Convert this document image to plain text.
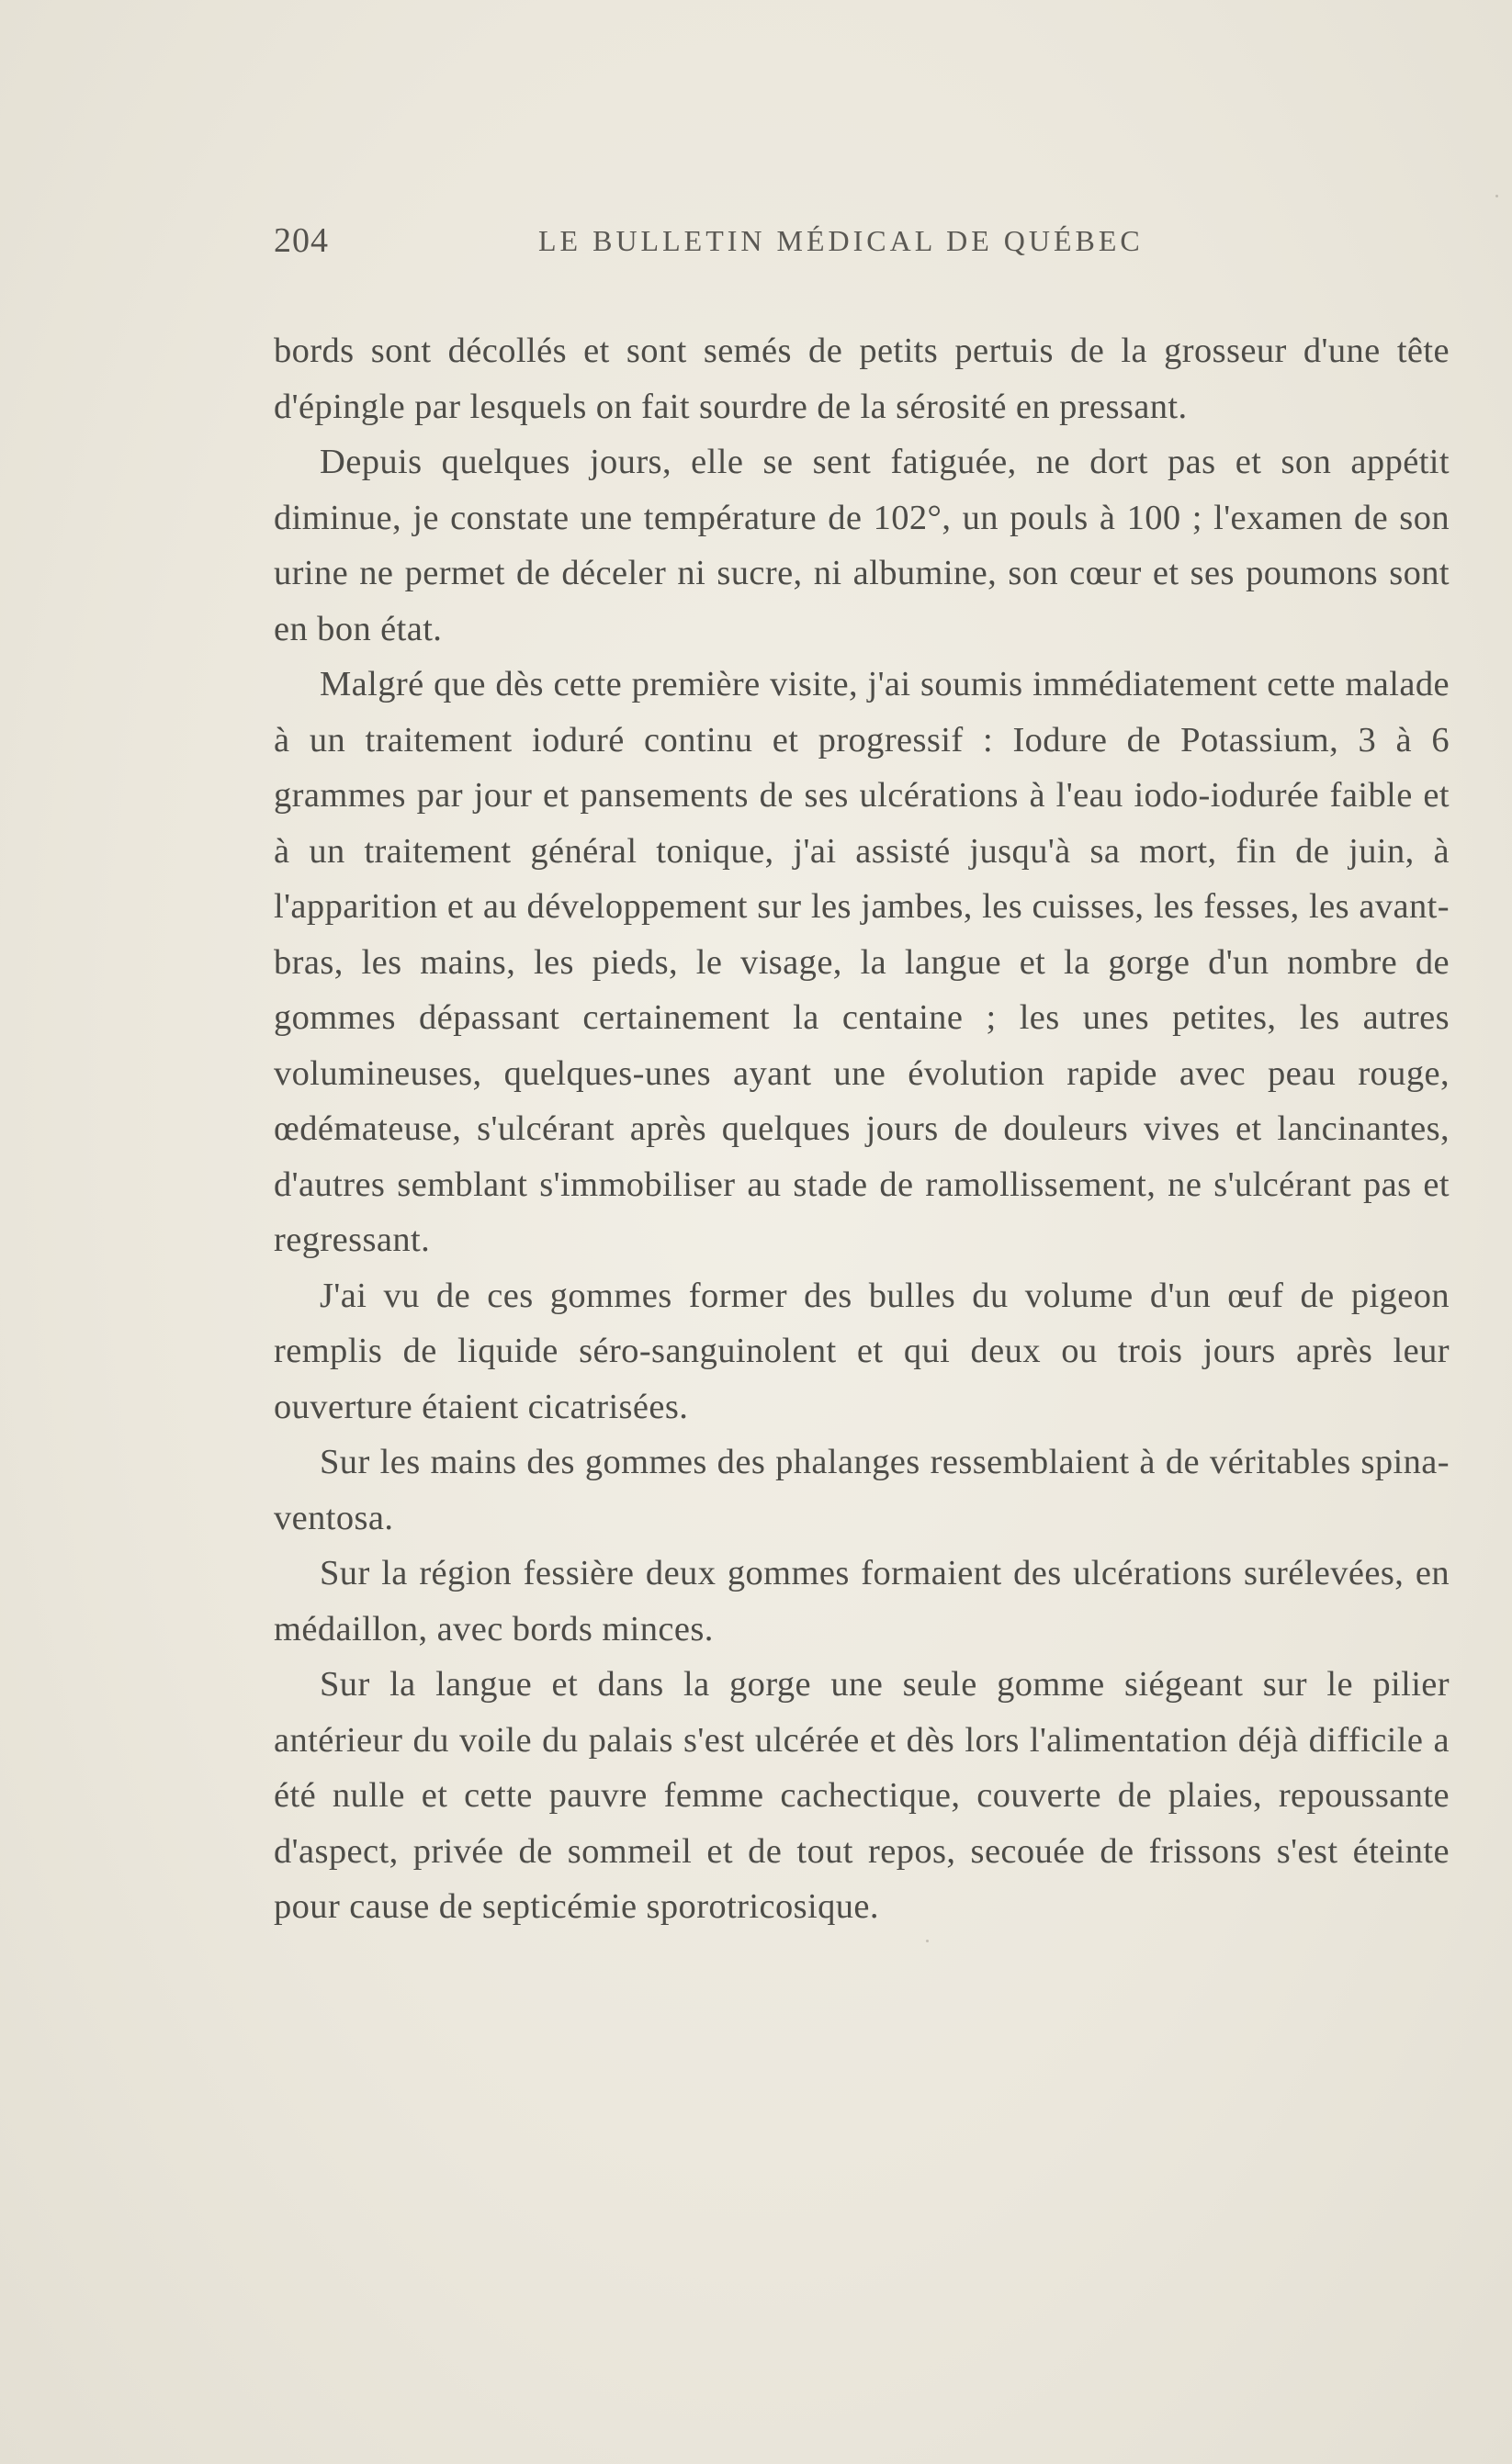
204	LE BULLETIN MÉDICAL DE QUÉBEC

bords sont décollés et sont semés de petits pertuis de la grosseur d'une tête d'épingle par lesquels on fait sourdre de la sérosité en pressant.

Depuis quelques jours, elle se sent fatiguée, ne dort pas et son appétit diminue, je constate une température de 102°, un pouls à 100 ; l'examen de son urine ne permet de déceler ni sucre, ni albumine, son cœur et ses poumons sont en bon état.

Malgré que dès cette première visite, j'ai soumis immédiatement cette malade à un traitement ioduré continu et progressif : Iodure de Potassium, 3 à 6 grammes par jour et pansements de ses ulcérations à l'eau iodo-iodurée faible et à un traitement général tonique, j'ai assisté jusqu'à sa mort, fin de juin, à l'apparition et au développement sur les jambes, les cuisses, les fesses, les avant-bras, les mains, les pieds, le visage, la langue et la gorge d'un nombre de gommes dépassant certainement la centaine ; les unes petites, les autres volumineuses, quelques-unes ayant une évolution rapide avec peau rouge, œdémateuse, s'ulcérant après quelques jours de douleurs vives et lancinantes, d'autres semblant s'immobiliser au stade de ramollissement, ne s'ulcérant pas et regressant.

J'ai vu de ces gommes former des bulles du volume d'un œuf de pigeon remplis de liquide séro-sanguinolent et qui deux ou trois jours après leur ouverture étaient cicatrisées.

Sur les mains des gommes des phalanges ressemblaient à de véritables spina-ventosa.

Sur la région fessière deux gommes formaient des ulcérations surélevées, en médaillon, avec bords minces.

Sur la langue et dans la gorge une seule gomme siégeant sur le pilier antérieur du voile du palais s'est ulcérée et dès lors l'alimentation déjà difficile a été nulle et cette pauvre femme cachectique, couverte de plaies, repoussante d'aspect, privée de sommeil et de tout repos, secouée de frissons s'est éteinte pour cause de septicémie sporotricosique.
